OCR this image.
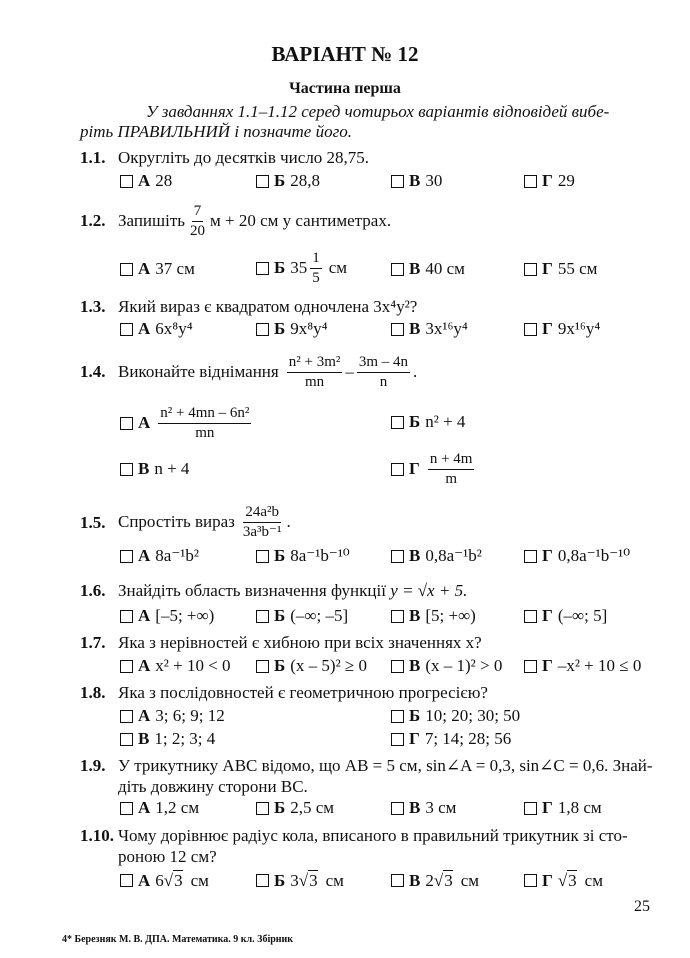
ВАРІАНТ № 12
Частина перша
У завданнях 1.1–1.12 серед чотирьох варіантів відповідей вибе-
ріть ПРАВИЛЬНИЙ і позначте його.
1.1. Округліть до десятків число 28,75.
А 28	Б 28,8	В 30	Г 29
1.2. Запишіть $\frac{7}{20}$ м + 20 см у сантиметрах.
А 37 см	Б $35 \frac{1}{5}$ см	В 40 см	Г 55 см
1.3. Який вираз є квадратом одночлена 3x⁴y²?
А 6x⁸y⁴	Б 9x⁸y⁴	В 3x¹⁶y⁴	Г 9x¹⁶y⁴
1.4. Виконайте віднімання $\frac{\text{n² + 3m²}}{mn} - \frac{3m - 4n}{n}$ .
А $\frac{\text{n² + 4mn – 6n²}}{mn}$	Б n² + 4
В n + 4	Г $\frac{n + 4m}{m}$
1.5. Спростіть вираз $\frac{\text{24a²b}}{\text{3a³b⁻¹}}$ .
А 8a⁻¹b²	Б 8a⁻¹b⁻¹⁰	В 0,8a⁻¹b²	Г 0,8a⁻¹b⁻¹⁰
1.6. Знайдіть область визначення функції y = √x + 5.
А [–5; +∞)	Б (–∞; –5]	В [5; +∞)	Г (–∞; 5]
1.7. Яка з нерівностей є хибною при всіх значеннях x?
А x² + 10 < 0	Б (x – 5)² ≥ 0 В (x – 1)² > 0 Г –x² + 10 ≤ 0
1.8. Яка з послідовностей є геометричною прогресією?
А 3; 6; 9; 12	Б 10; 20; 30; 50
В 1; 2; 3; 4	Г 7; 14; 28; 56
1.9. У трикутнику ABC відомо, що AB = 5 см, sin∠A = 0,3, sin∠C = 0,6. Знай-
діть довжину сторони BC.
А 1,2 см	Б 2,5 см	В 3 см	Г 1,8 см
1.10. Чому дорівнює радіус кола, вписаного в правильний трикутник зі сто-
роною 12 см?
А 6 √ 3 см	Б 3 √ 3 см	В 2 √ 3 см	Г √ 3 см
25
4* Березняк М. В. ДПА. Математика. 9 кл. Збірник
